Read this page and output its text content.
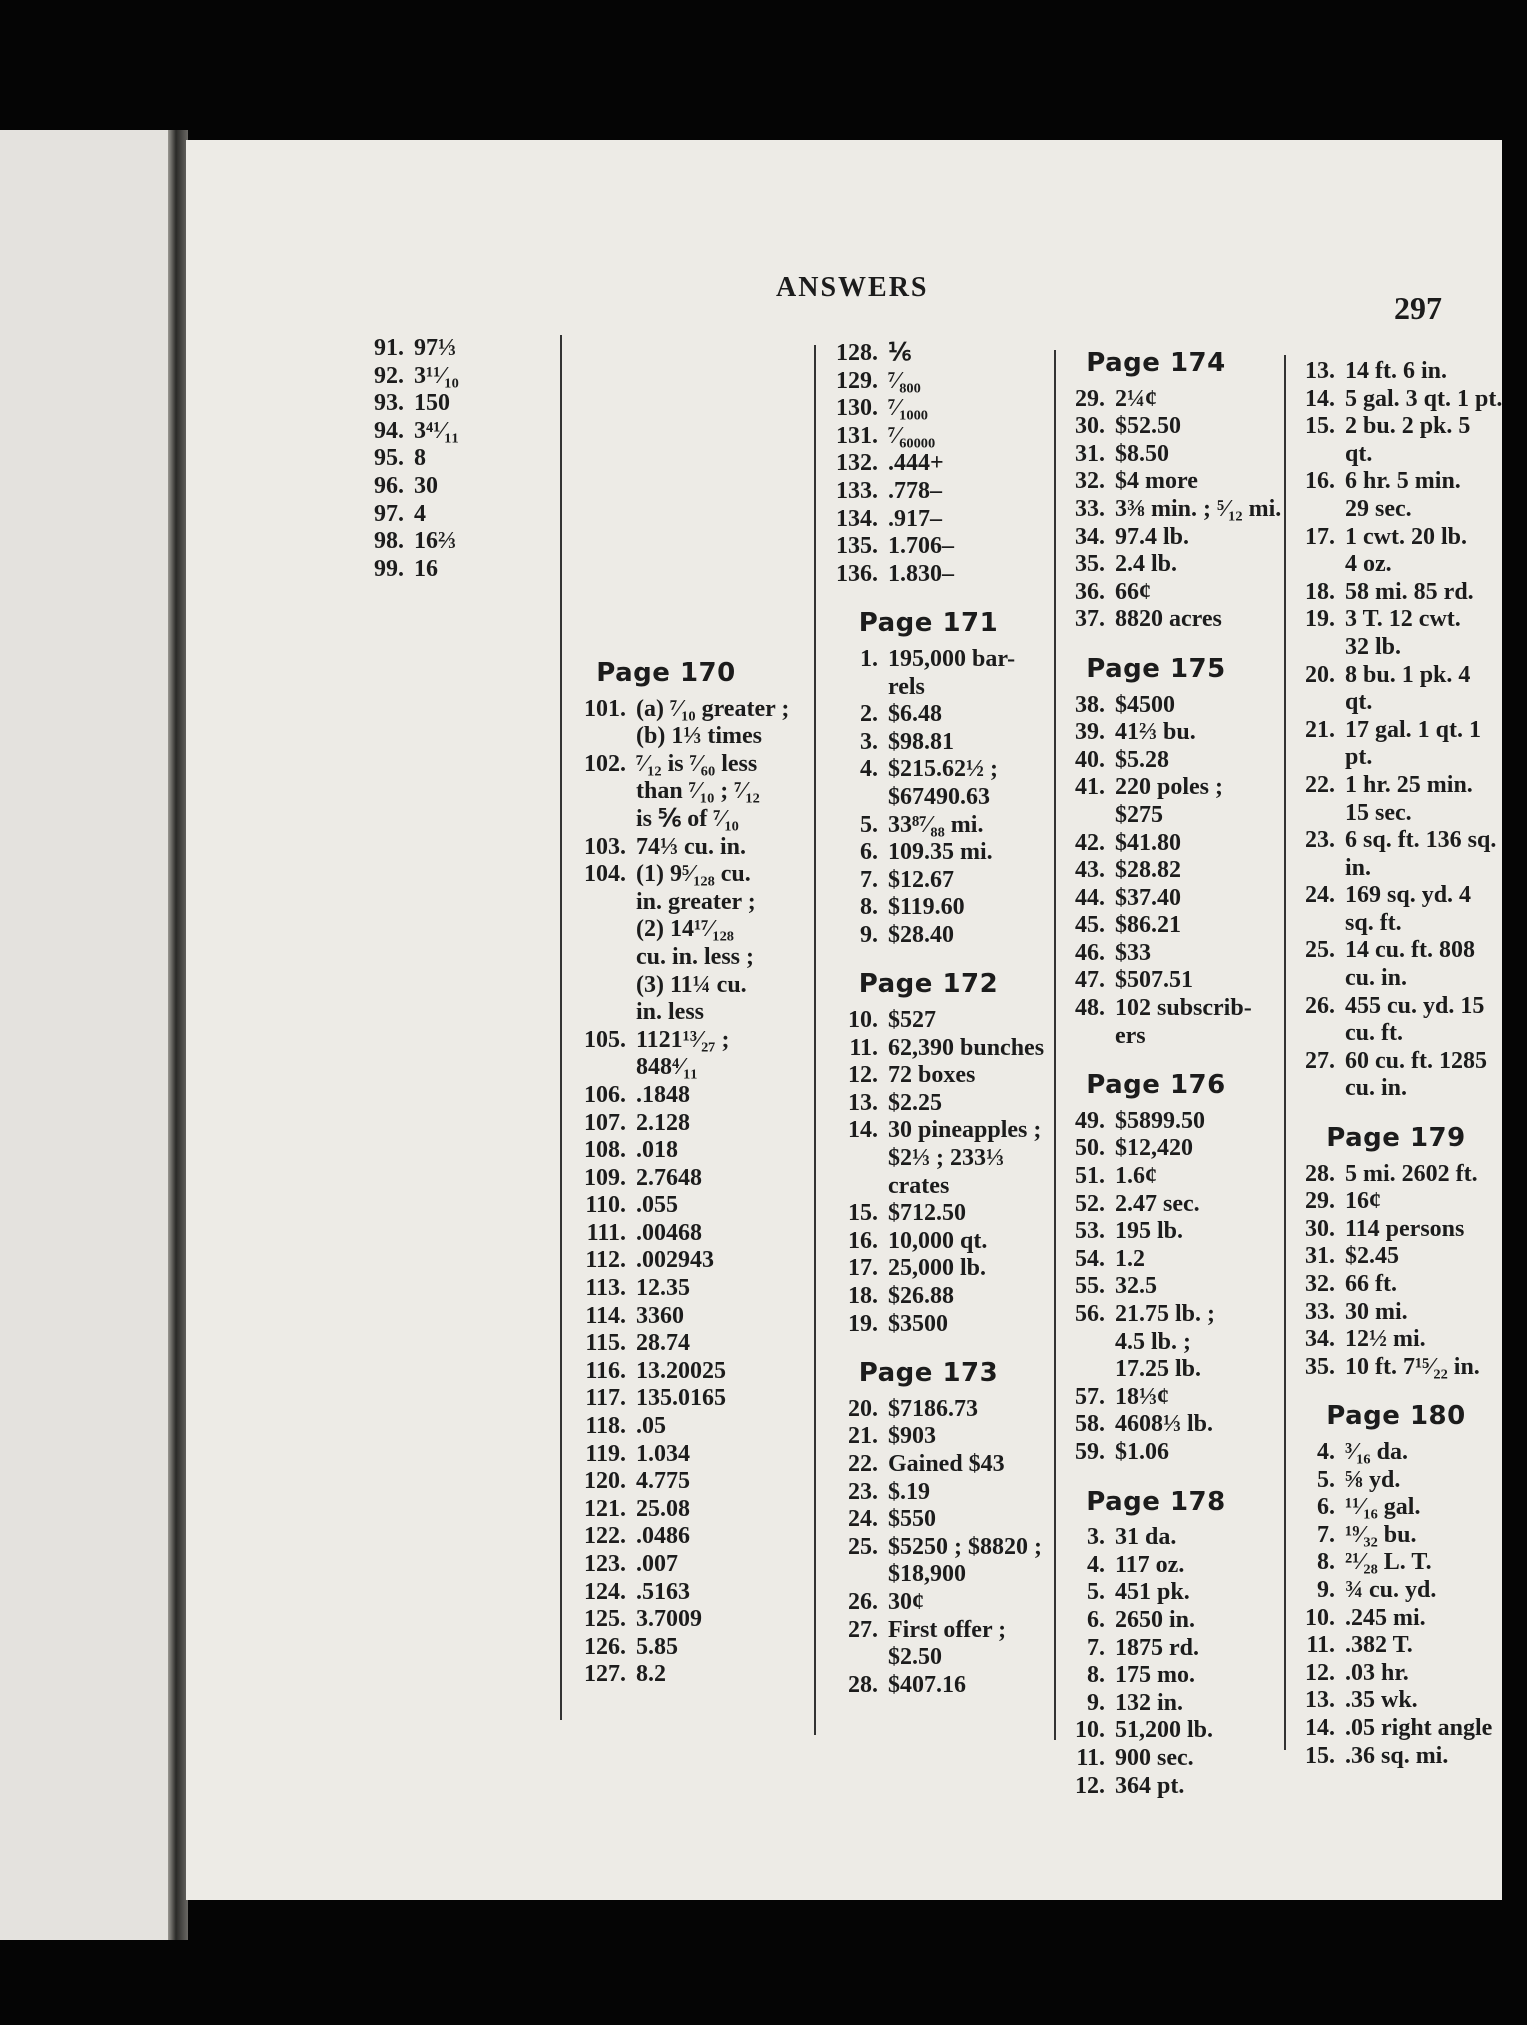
ANSWERS
297
91. 97⅓
92. 3¹¹⁄₁₀
93. 150
94. 3⁴¹⁄₁₁
95. 8
96. 30
97. 4
98. 16⅔
99. 16
Page 170
101. (a) ⁷⁄₁₀ greater ;
(b) 1⅓ times
102. ⁷⁄₁₂ is ⁷⁄₆₀ less
than ⁷⁄₁₀ ; ⁷⁄₁₂
is ⅚ of ⁷⁄₁₀
103. 74⅓ cu. in.
104. (1) 9⁵⁄₁₂₈ cu.
in. greater ;
(2) 14¹⁷⁄₁₂₈
cu. in. less ;
(3) 11¼ cu.
in. less
105. 1121¹³⁄₂₇ ;
848⁴⁄₁₁
106. .1848
107. 2.128
108. .018
109. 2.7648
110. .055
111. .00468
112. .002943
113. 12.35
114. 3360
115. 28.74
116. 13.20025
117. 135.0165
118. .05
119. 1.034
120. 4.775
121. 25.08
122. .0486
123. .007
124. .5163
125. 3.7009
126. 5.85
127. 8.2
128. ⅙
129. ⁷⁄₈₀₀
130. ⁷⁄₁₀₀₀
131. ⁷⁄₆₀₀₀₀
132. .444+
133. .778–
134. .917–
135. 1.706–
136. 1.830–
Page 171
1. 195,000 bar-
rels
2. $6.48
3. $98.81
4. $215.62½ ;
$67490.63
5. 33⁸⁷⁄₈₈ mi.
6. 109.35 mi.
7. $12.67
8. $119.60
9. $28.40
Page 172
10. $527
11. 62,390 bunches
12. 72 boxes
13. $2.25
14. 30 pineapples ;
$2⅓ ; 233⅓
crates
15. $712.50
16. 10,000 qt.
17. 25,000 lb.
18. $26.88
19. $3500
Page 173
20. $7186.73
21. $903
22. Gained $43
23. $.19
24. $550
25. $5250 ; $8820 ;
$18,900
26. 30¢
27. First offer ;
$2.50
28. $407.16
Page 174
29. 2¼¢
30. $52.50
31. $8.50
32. $4 more
33. 3⅜ min. ; ⁵⁄₁₂ mi.
34. 97.4 lb.
35. 2.4 lb.
36. 66¢
37. 8820 acres
Page 175
38. $4500
39. 41⅔ bu.
40. $5.28
41. 220 poles ;
$275
42. $41.80
43. $28.82
44. $37.40
45. $86.21
46. $33
47. $507.51
48. 102 subscrib-
ers
Page 176
49. $5899.50
50. $12,420
51. 1.6¢
52. 2.47 sec.
53. 195 lb.
54. 1.2
55. 32.5
56. 21.75 lb. ;
4.5 lb. ;
17.25 lb.
57. 18⅓¢
58. 4608⅓ lb.
59. $1.06
Page 178
3. 31 da.
4. 117 oz.
5. 451 pk.
6. 2650 in.
7. 1875 rd.
8. 175 mo.
9. 132 in.
10. 51,200 lb.
11. 900 sec.
12. 364 pt.
13. 14 ft. 6 in.
14. 5 gal. 3 qt. 1 pt.
15. 2 bu. 2 pk. 5
qt.
16. 6 hr. 5 min.
29 sec.
17. 1 cwt. 20 lb.
4 oz.
18. 58 mi. 85 rd.
19. 3 T. 12 cwt.
32 lb.
20. 8 bu. 1 pk. 4
qt.
21. 17 gal. 1 qt. 1
pt.
22. 1 hr. 25 min.
15 sec.
23. 6 sq. ft. 136 sq.
in.
24. 169 sq. yd. 4
sq. ft.
25. 14 cu. ft. 808
cu. in.
26. 455 cu. yd. 15
cu. ft.
27. 60 cu. ft. 1285
cu. in.
Page 179
28. 5 mi. 2602 ft.
29. 16¢
30. 114 persons
31. $2.45
32. 66 ft.
33. 30 mi.
34. 12½ mi.
35. 10 ft. 7¹⁵⁄₂₂ in.
Page 180
4. ³⁄₁₆ da.
5. ⅝ yd.
6. ¹¹⁄₁₆ gal.
7. ¹⁹⁄₃₂ bu.
8. ²¹⁄₂₈ L. T.
9. ¾ cu. yd.
10. .245 mi.
11. .382 T.
12. .03 hr.
13. .35 wk.
14. .05 right angle
15. .36 sq. mi.
